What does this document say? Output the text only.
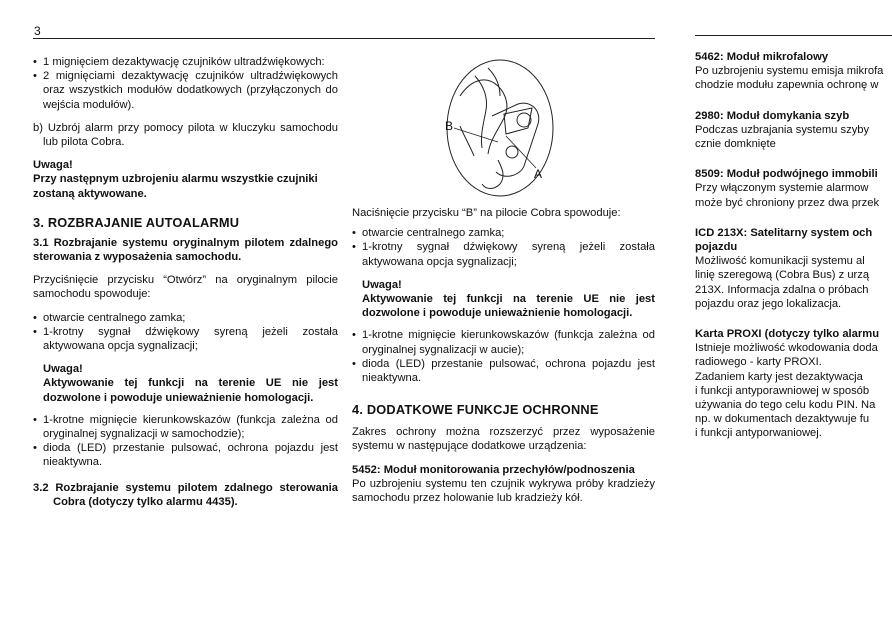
3
• 1 mignięciem dezaktywację czujników ultradźwiękowych:
• 2 mignięciami dezaktywację czujników ultradźwiękowych oraz wszystkich modułów dodatkowych (przyłączonych do wejścia modułów).

b) Uzbrój alarm przy pomocy pilota w kluczyku samochodu lub pilota Cobra.

Uwaga!

Przy następnym uzbrojeniu alarmu wszystkie czujniki zostaną aktywowane.

3. ROZBRAJANIE AUTOALARMU

3.1 Rozbrajanie systemu oryginalnym pilotem zdalnego sterowania z wyposażenia samochodu.

Przyciśnięcie przycisku “Otwórz” na oryginalnym pilocie samochodu spowoduje:

• otwarcie centralnego zamka;
• 1-krotny sygnał dźwiękowy syreną jeżeli została aktywowana opcja sygnalizacji;

Uwaga!

Aktywowanie tej funkcji na terenie UE nie jest dozwolone i powoduje unieważnienie homologacji.

• 1-krotne mignięcie kierunkowskazów (funkcja zależna od oryginalnej sygnalizacji w samochodzie);
• dioda (LED) przestanie pulsować, ochrona pojazdu jest nieaktywna.

3.2 Rozbrajanie systemu pilotem zdalnego sterowania Cobra (dotyczy tylko alarmu 4435).

B
A

Naciśnięcie przycisku “B” na pilocie Cobra spowoduje:

• otwarcie centralnego zamka;
• 1-krotny sygnał dźwiękowy syreną jeżeli została aktywowana opcja sygnalizacji;

Uwaga!

Aktywowanie tej funkcji na terenie UE nie jest dozwolone i powoduje unieważnienie homologacji.

• 1-krotne mignięcie kierunkowskazów (funkcja zależna od oryginalnej sygnalizacji w aucie);
• dioda (LED) przestanie pulsować, ochrona pojazdu jest nieaktywna.

4. DODATKOWE FUNKCJE OCHRONNE

Zakres ochrony można rozszerzyć przez wyposażenie systemu w następujące dodatkowe urządzenia:

5452: Moduł monitorowania przechyłów/podnoszenia

Po uzbrojeniu systemu ten czujnik wykrywa próby kradzieży samochodu przez holowanie lub kradzieży kół.

5462: Moduł mikrofalowy

Po uzbrojeniu systemu emisja mikrofa

chodzie modułu zapewnia ochronę w

2980: Moduł domykania szyb

Podczas uzbrajania systemu szyby

cznie domknięte

8509: Moduł podwójnego immobili

Przy włączonym systemie alarmow

może być chroniony przez dwa przek

ICD 213X: Satelitarny system och

pojazdu

Możliwość komunikacji systemu al

linię szeregową (Cobra Bus) z urzą

213X. Informacja zdalna o próbach

pojazdu oraz jego lokalizacja.

Karta PROXI (dotyczy tylko alarmu

Istnieje możliwość wkodowania doda

radiowego - karty PROXI.

Zadaniem karty jest dezaktywacja

i funkcji antyporawniowej w sposób

używania do tego celu kodu PIN. Na

np. w dokumentach dezaktywuje fu

i funkcji antyporwaniowej.
